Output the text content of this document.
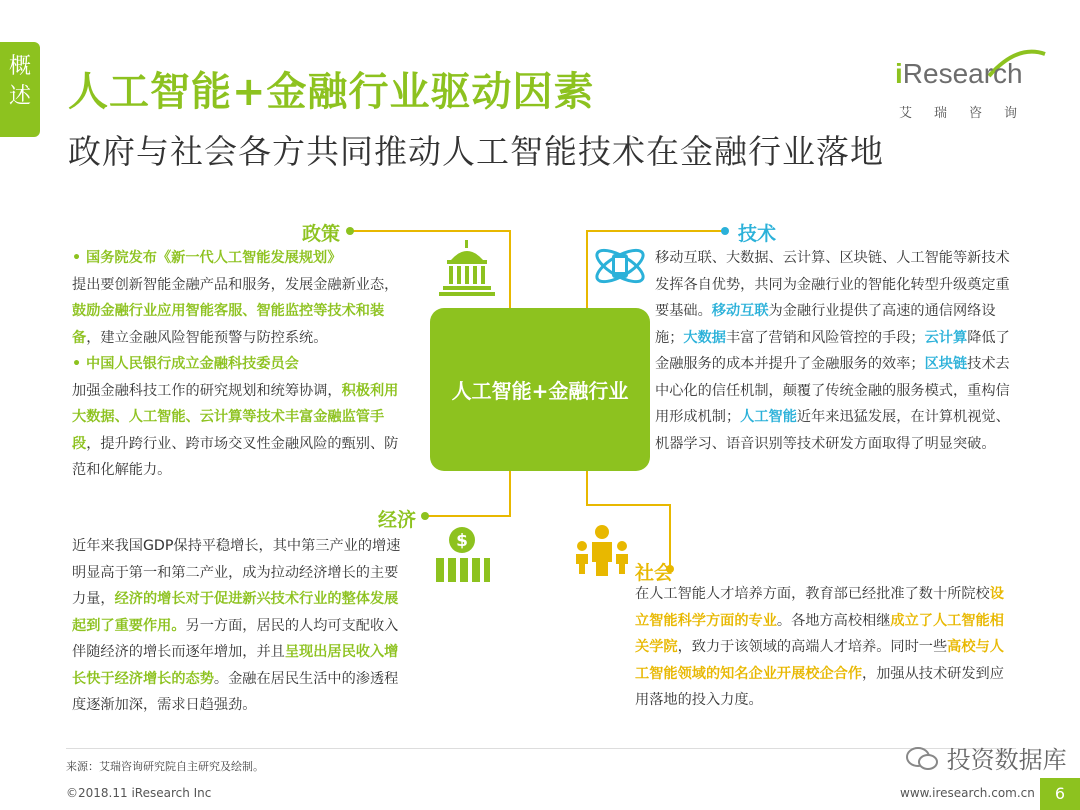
概
述 人工智能+金融行业驱动因素
政府与社会各方共同推动人工智能技术在金融行业落地
iResearch
艾瑞咨询
政策
• 国务院发布《新一代人工智能发展规划》
提出要创新智能金融产品和服务，发展金融新业态，鼓励金融行业应用智能客服、智能监控等技术和装备，建立金融风险智能预警与防控系统。
• 中国人民银行成立金融科技委员会
加强金融科技工作的研究规划和统筹协调，积极利用大数据、人工智能、云计算等技术丰富金融监管手段，提升跨行业、跨市场交叉性金融风险的甄别、防范和化解能力。
人工智能+金融行业
技术
移动互联、大数据、云计算、区块链、人工智能等新技术发挥各自优势，共同为金融行业的智能化转型升级奠定重要基础。移动互联为金融行业提供了高速的通信网络设施；大数据丰富了营销和风险管控的手段；云计算降低了金融服务的成本并提升了金融服务的效率；区块链技术去中心化的信任机制，颠覆了传统金融的服务模式，重构信用形成机制；人工智能近年来迅猛发展，在计算机视觉、机器学习、语音识别等技术研发方面取得了明显突破。
经济
$
近年来我国GDP保持平稳增长，其中第三产业的增速明显高于第一和第二产业，成为拉动经济增长的主要力量，经济的增长对于促进新兴技术行业的整体发展起到了重要作用。另一方面，居民的人均可支配收入伴随经济的增长而逐年增加，并且呈现出居民收入增长快于经济增长的态势。金融在居民生活中的渗透程度逐渐加深，需求日趋强劲。
社会
在人工智能人才培养方面，教育部已经批准了数十所院校设立智能科学方面的专业。各地方高校相继成立了人工智能相关学院，致力于该领域的高端人才培养。同时一些高校与人工智能领域的知名企业开展校企合作，加强从技术研发到应用落地的投入力度。
来源：艾瑞咨询研究院自主研究及绘制。
©2018.11 iResearch Inc
投资数据库
www.iresearch.com.cn	6
